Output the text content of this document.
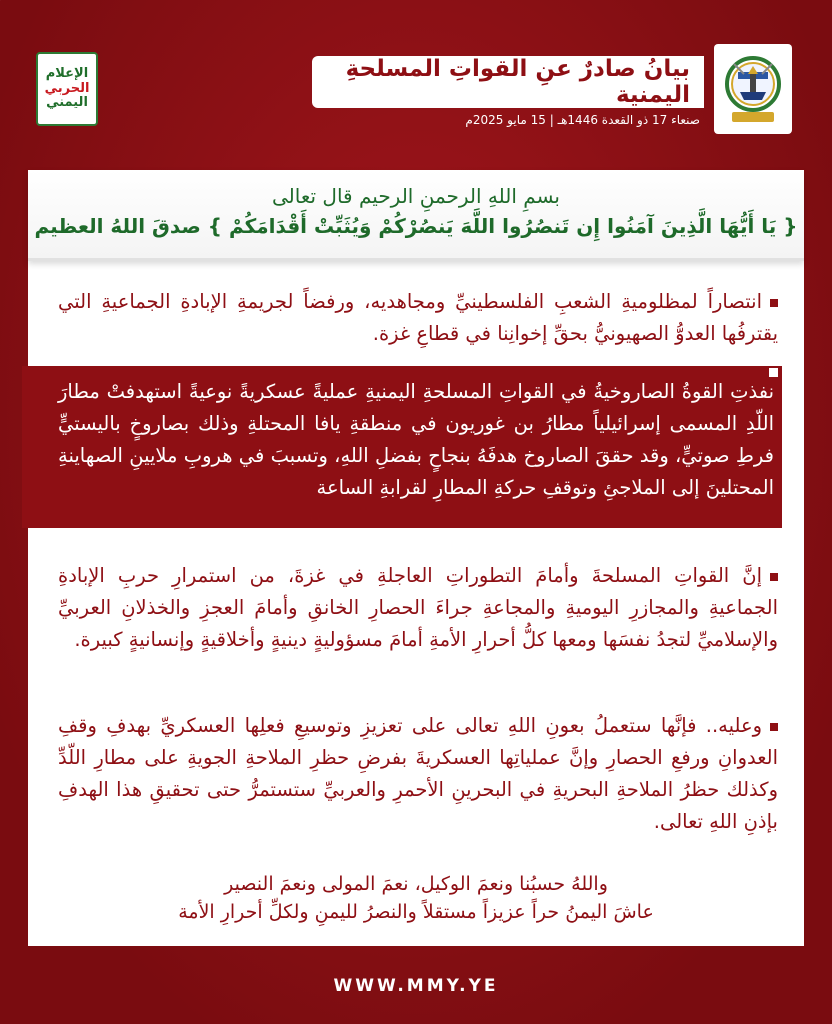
بيانُ صادرٌ عنِ القواتِ المسلحةِ اليمنية
صنعاء 17 ذو القعدة 1446هـ | 15 مايو 2025م
الإعلام
الحربي
اليمني
بسمِ اللهِ الرحمنِ الرحيم قال تعالى
{ يَا أَيُّهَا الَّذِينَ آمَنُوا إِن تَنصُرُوا اللَّهَ يَنصُرْكُمْ وَيُثَبِّتْ أَقْدَامَكُمْ } صدقَ اللهُ العظيم
انتصاراً لمظلوميةِ الشعبِ الفلسطينيِّ ومجاهديه، ورفضاً لجريمةِ الإبادةِ الجماعيةِ التي يقترفُها العدوُّ الصهيونيُّ بحقِّ إخوانِنا في قطاعِ غزة.
نفذتِ القوةُ الصاروخيةُ في القواتِ المسلحةِ اليمنيةِ عمليةً عسكريةً نوعيةً استهدفتْ مطارَ اللّدِ المسمى إسرائيلياً مطارُ بن غوريون في منطقةِ يافا المحتلةِ وذلك بصاروخٍ باليستيٍّ فرطِ صوتيٍّ، وقد حققَ الصاروخ هدفَهُ بنجاحٍ بفضلِ اللهِ، وتسببَ في هروبِ ملايينِ الصهاينةِ المحتلينَ إلى الملاجئِ وتوقفِ حركةِ المطارِ لقرابةِ الساعة
إنَّ القواتِ المسلحةَ وأمامَ التطوراتِ العاجلةِ في غزةَ، من استمرارِ حربِ الإبادةِ الجماعيةِ والمجازرِ اليوميةِ والمجاعةِ جراءَ الحصارِ الخانقِ وأمامَ العجزِ والخذلانِ العربيِّ والإسلاميِّ لتجدُ نفسَها ومعها كلُّ أحرارِ الأمةِ أمامَ مسؤوليةٍ دينيةٍ وأخلاقيةٍ وإنسانيةٍ كبيرة.
وعليه.. فإنَّها ستعملُ بعونِ اللهِ تعالى على تعزيزِ وتوسيعِ فعلِها العسكريِّ بهدفِ وقفِ العدوانِ ورفعِ الحصارِ وإنَّ عملياتِها العسكريةَ بفرضِ حظرِ الملاحةِ الجويةِ على مطارِ اللّدِّ وكذلك حظرُ الملاحةِ البحريةِ في البحرينِ الأحمرِ والعربيِّ ستستمرُّ حتى تحقيقِ هذا الهدفِ بإذنِ اللهِ تعالى.
واللهُ حسبُنا ونعمَ الوكيل، نعمَ المولى ونعمَ النصير
عاشَ اليمنُ حراً عزيزاً مستقلاً والنصرُ لليمنِ ولكلِّ أحرارِ الأمة
WWW.MMY.YE
